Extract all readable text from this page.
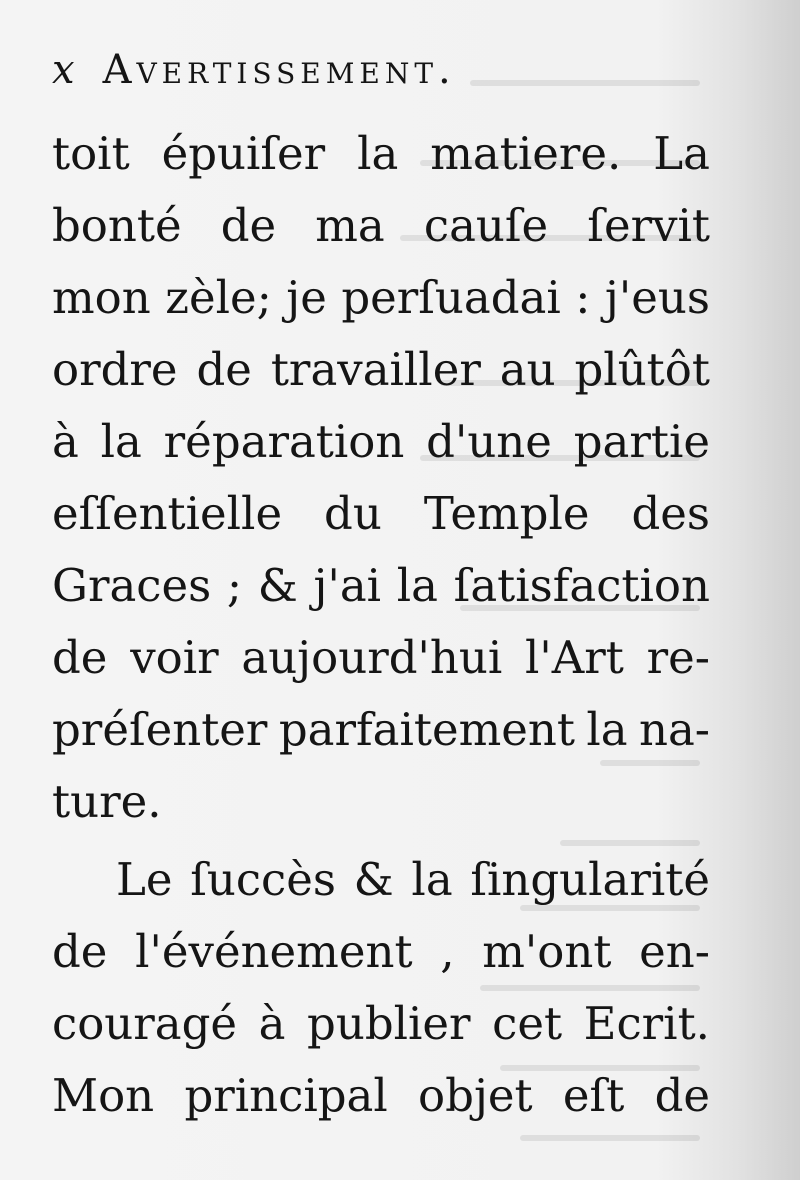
x Avertissement.
toit épuiſer la matiere. La
bonté de ma cauſe ſervit
mon zèle; je perſuadai : j'eus
ordre de travailler au plûtôt
à la réparation d'une partie
eſſentielle du Temple des
Graces ; & j'ai la ſatisfaction
de voir aujourd'hui l'Art re-
préſenter parfaitement la na-
ture.
Le ſuccès & la ſingularité
de l'événement , m'ont en-
couragé à publier cet Ecrit.
Mon principal objet eſt de
